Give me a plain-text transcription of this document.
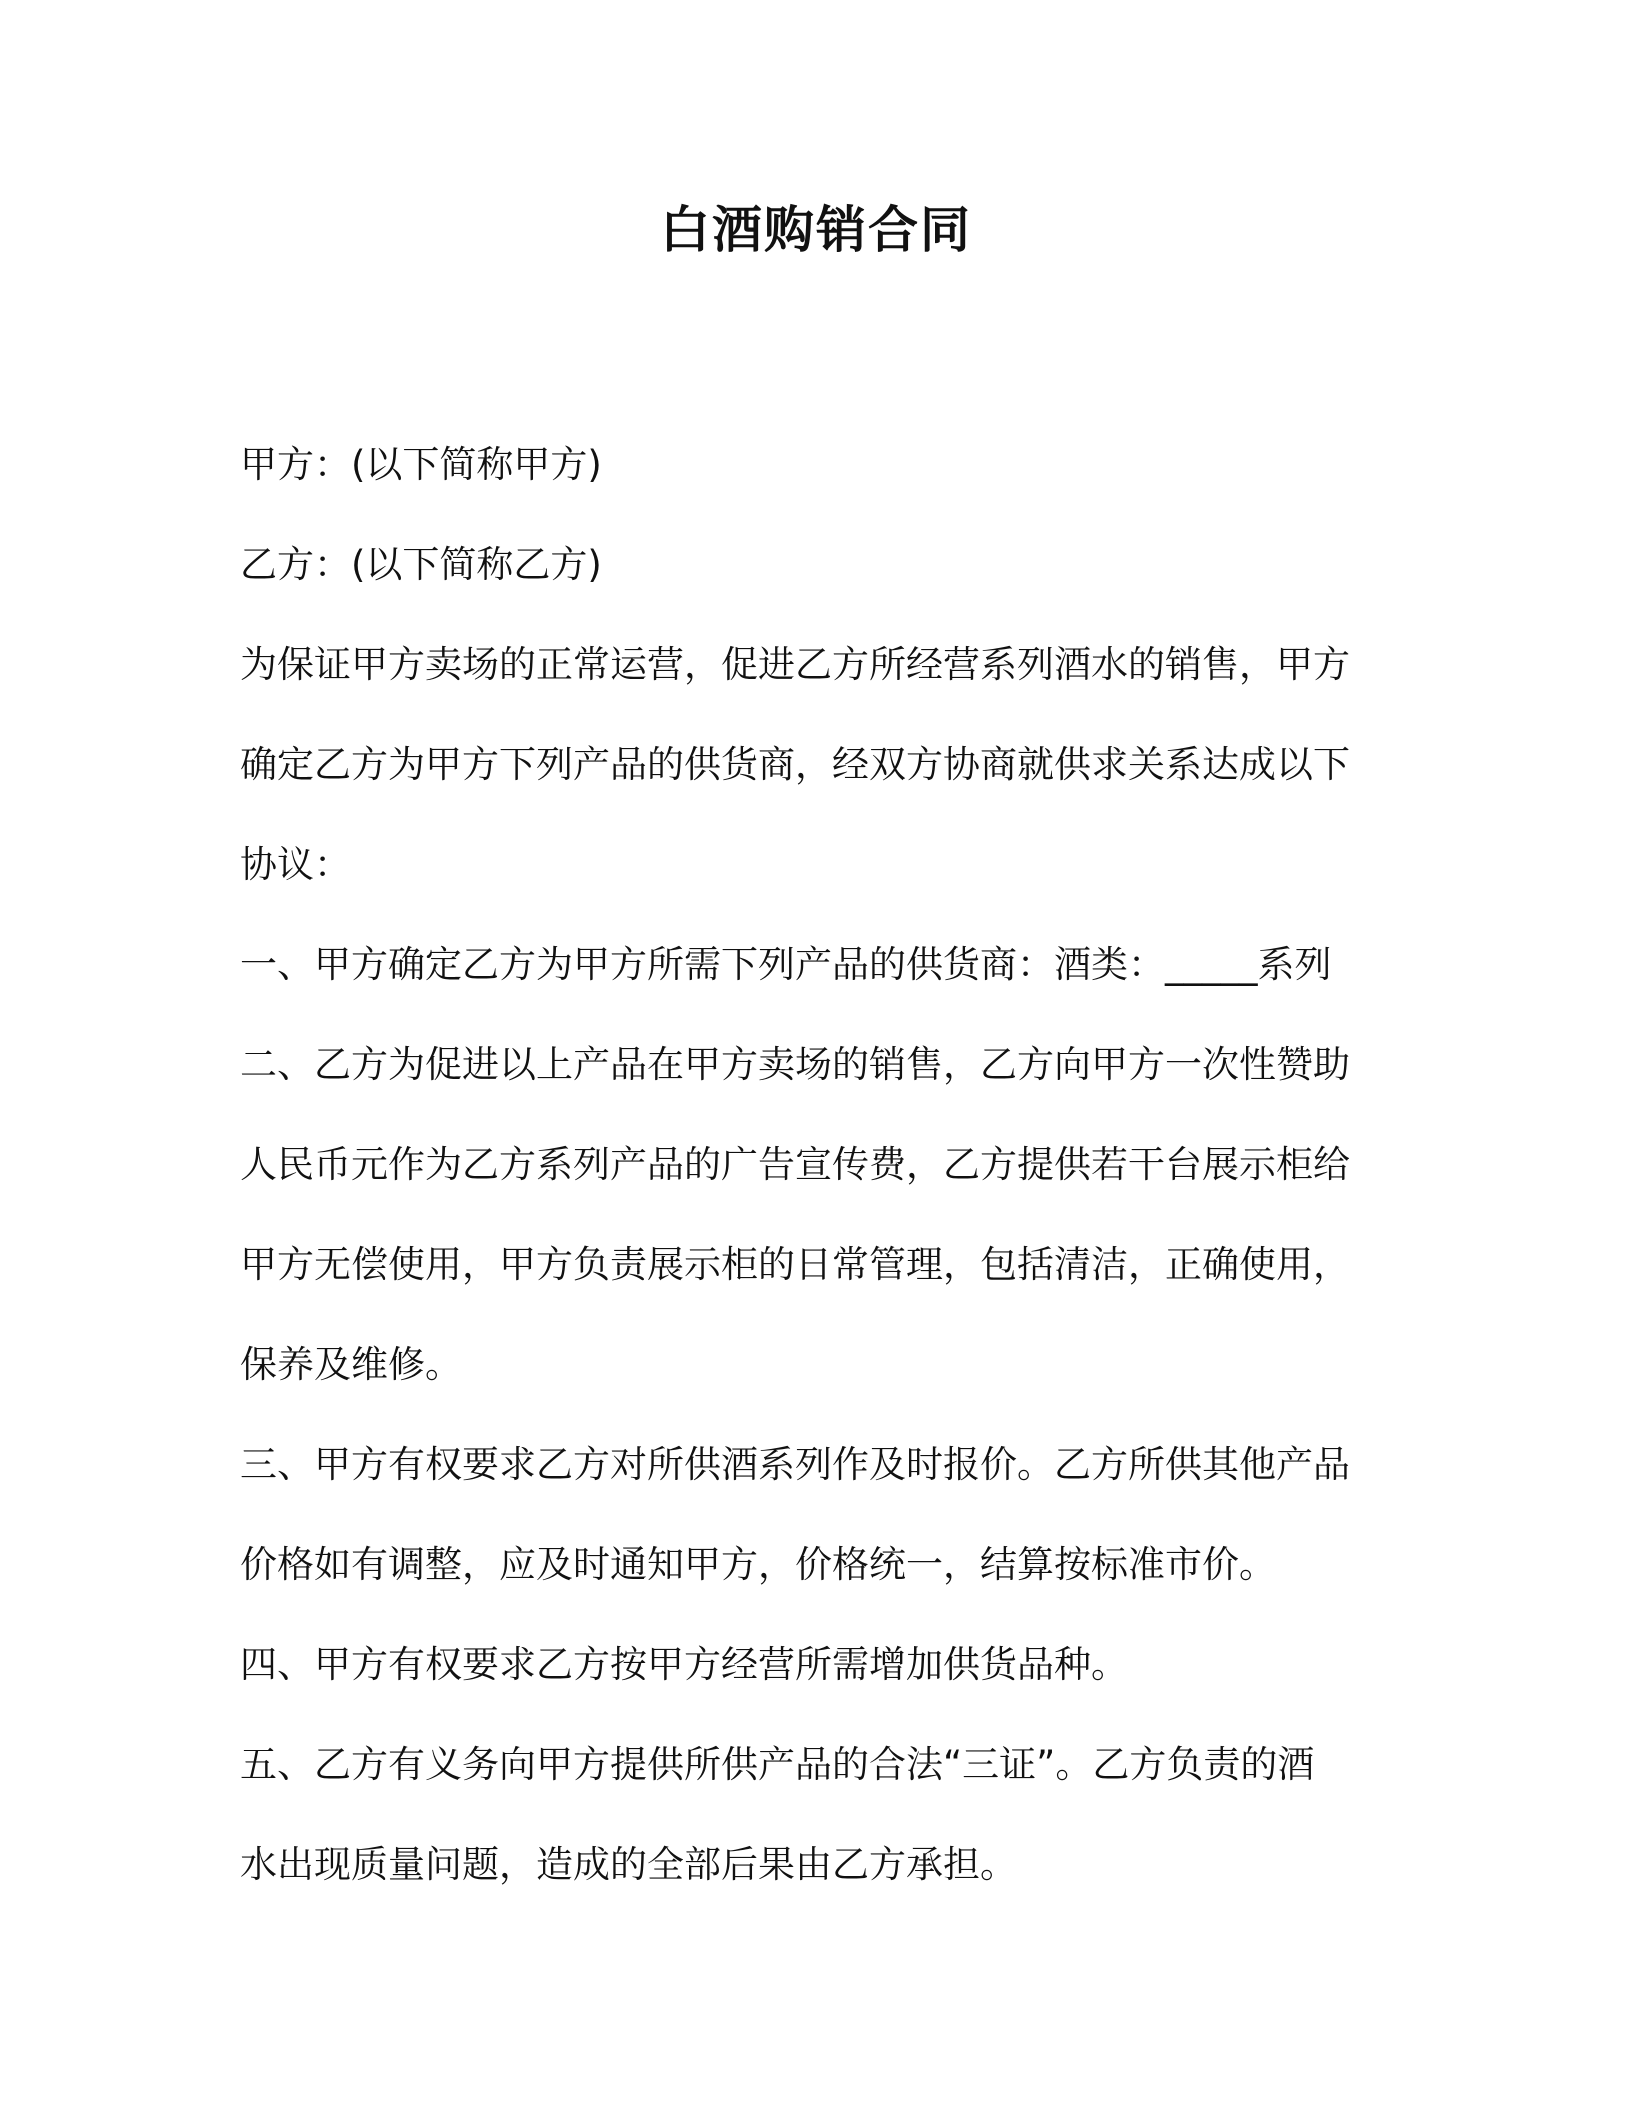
白酒购销合同

甲方：(以下简称甲方)

乙方：(以下简称乙方)

为保证甲方卖场的正常运营，促进乙方所经营系列酒水的销售，甲方
确定乙方为甲方下列产品的供货商，经双方协商就供求关系达成以下
协议：

一、甲方确定乙方为甲方所需下列产品的供货商：酒类：_____系列

二、乙方为促进以上产品在甲方卖场的销售，乙方向甲方一次性赞助
人民币元作为乙方系列产品的广告宣传费，乙方提供若干台展示柜给
甲方无偿使用，甲方负责展示柜的日常管理，包括清洁，正确使用，
保养及维修。

三、甲方有权要求乙方对所供酒系列作及时报价。乙方所供其他产品
价格如有调整，应及时通知甲方，价格统一，结算按标准市价。

四、甲方有权要求乙方按甲方经营所需增加供货品种。

五、乙方有义务向甲方提供所供产品的合法“三证”。乙方负责的酒
水出现质量问题，造成的全部后果由乙方承担。
